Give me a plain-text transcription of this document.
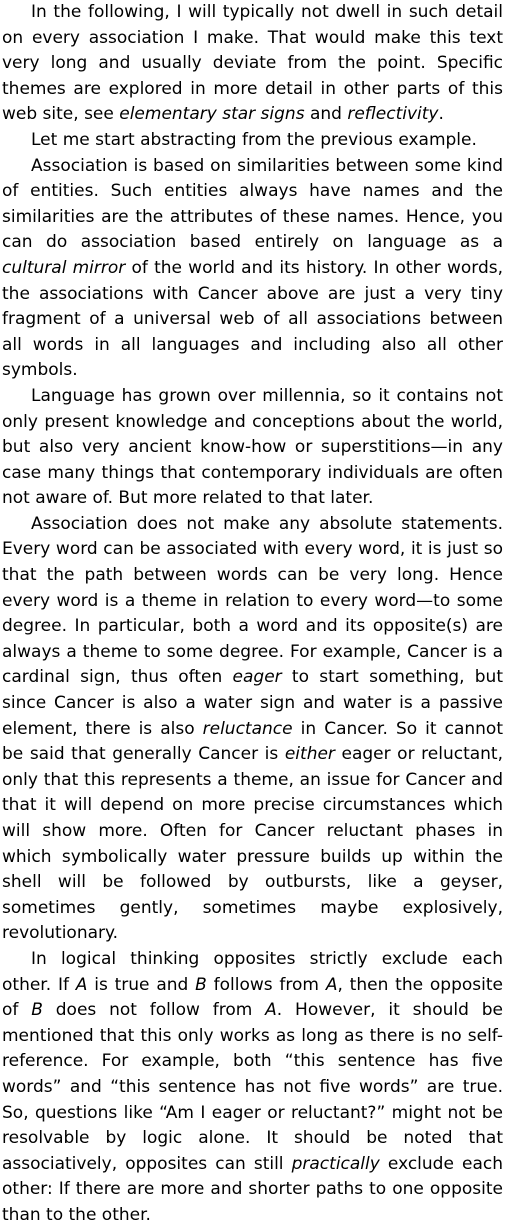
In the following, I will typically not dwell in such detail on every association I make. That would make this text very long and usually deviate from the point. Specific themes are explored in more detail in other parts of this web site, see elementary star signs and reflectivity.

Let me start abstracting from the previous example.

Association is based on similarities between some kind of entities. Such entities always have names and the similarities are the attributes of these names. Hence, you can do association based entirely on language as a cultural mirror of the world and its history. In other words, the associations with Cancer above are just a very tiny fragment of a universal web of all associations between all words in all languages and including also all other symbols.

Language has grown over millennia, so it contains not only present knowledge and conceptions about the world, but also very ancient know-how or superstitions—in any case many things that contemporary individuals are often not aware of. But more related to that later.

Association does not make any absolute statements. Every word can be associated with every word, it is just so that the path between words can be very long. Hence every word is a theme in relation to every word—to some degree. In particular, both a word and its opposite(s) are always a theme to some degree. For example, Cancer is a cardinal sign, thus often eager to start something, but since Cancer is also a water sign and water is a passive element, there is also reluctance in Cancer. So it cannot be said that generally Cancer is either eager or reluctant, only that this represents a theme, an issue for Cancer and that it will depend on more precise circumstances which will show more. Often for Cancer reluctant phases in which symbolically water pressure builds up within the shell will be followed by outbursts, like a geyser, sometimes gently, sometimes maybe explosively, revolutionary.

In logical thinking opposites strictly exclude each other. If A is true and B follows from A, then the opposite of B does not follow from A. However, it should be mentioned that this only works as long as there is no self-reference. For example, both “this sentence has five words” and “this sentence has not five words” are true. So, questions like “Am I eager or reluctant?” might not be resolvable by logic alone. It should be noted that associatively, opposites can still practically exclude each other: If there are more and shorter paths to one opposite than to the other.
